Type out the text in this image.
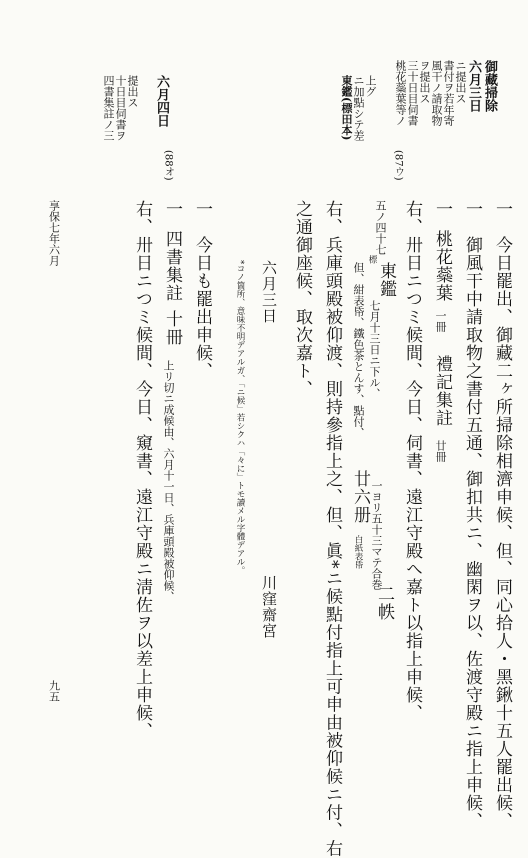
六月三日 御藏掃除
風干ノ請取物 書付ヲ若年寄 ニ提出ス
桃花蘂葉等ノ 三十日目伺書 ヲ提出ス
東鑑(標田本) ニ加點シテ差 上グ
六月四日
四書集註ノ三 十日目伺書ヲ 提出ス
(87ウ)
(88オ)
一　今日罷出、御藏二ヶ所掃除相濟申候、但、同心拾人・黑鍬十五人罷出候、
一　御風干中請取物之書付五通、御扣共ニ、幽閑ヲ以、佐渡守殿ニ指上申候、
一
桃花蘂葉
一冊
禮記集註
廿冊
右、卅日ニつミ候間、今日、伺書、遠江守殿へ嘉ト以指上申候、
五ノ四十七
東鑑
標
七月十三日ニ下ル、
一ヨリ五十三マテ合巻
二帙
但、紺表帋、鐵色茶とんす、點付、
廿六册
白紙表帋
右、兵庫頭殿被仰渡、則持參指上之、但、眞*ニ候點付指上可申由被仰候ニ付、右
之通御座候、取次嘉ト、
六月三日
川窪齋宮
*コノ箇所、意味不明デアルガ、「ニ候」若シクハ「々に」トモ讀メル字體デアル。
一　今日も罷出申候、
一
四書集註
十冊
上リ切ニ成候由、六月十一日、兵庫頭殿被仰候、
右、卅日ニつミ候間、今日、窺書、遠江守殿ニ淸佐ヲ以差上申候、
享保七年六月
九五
